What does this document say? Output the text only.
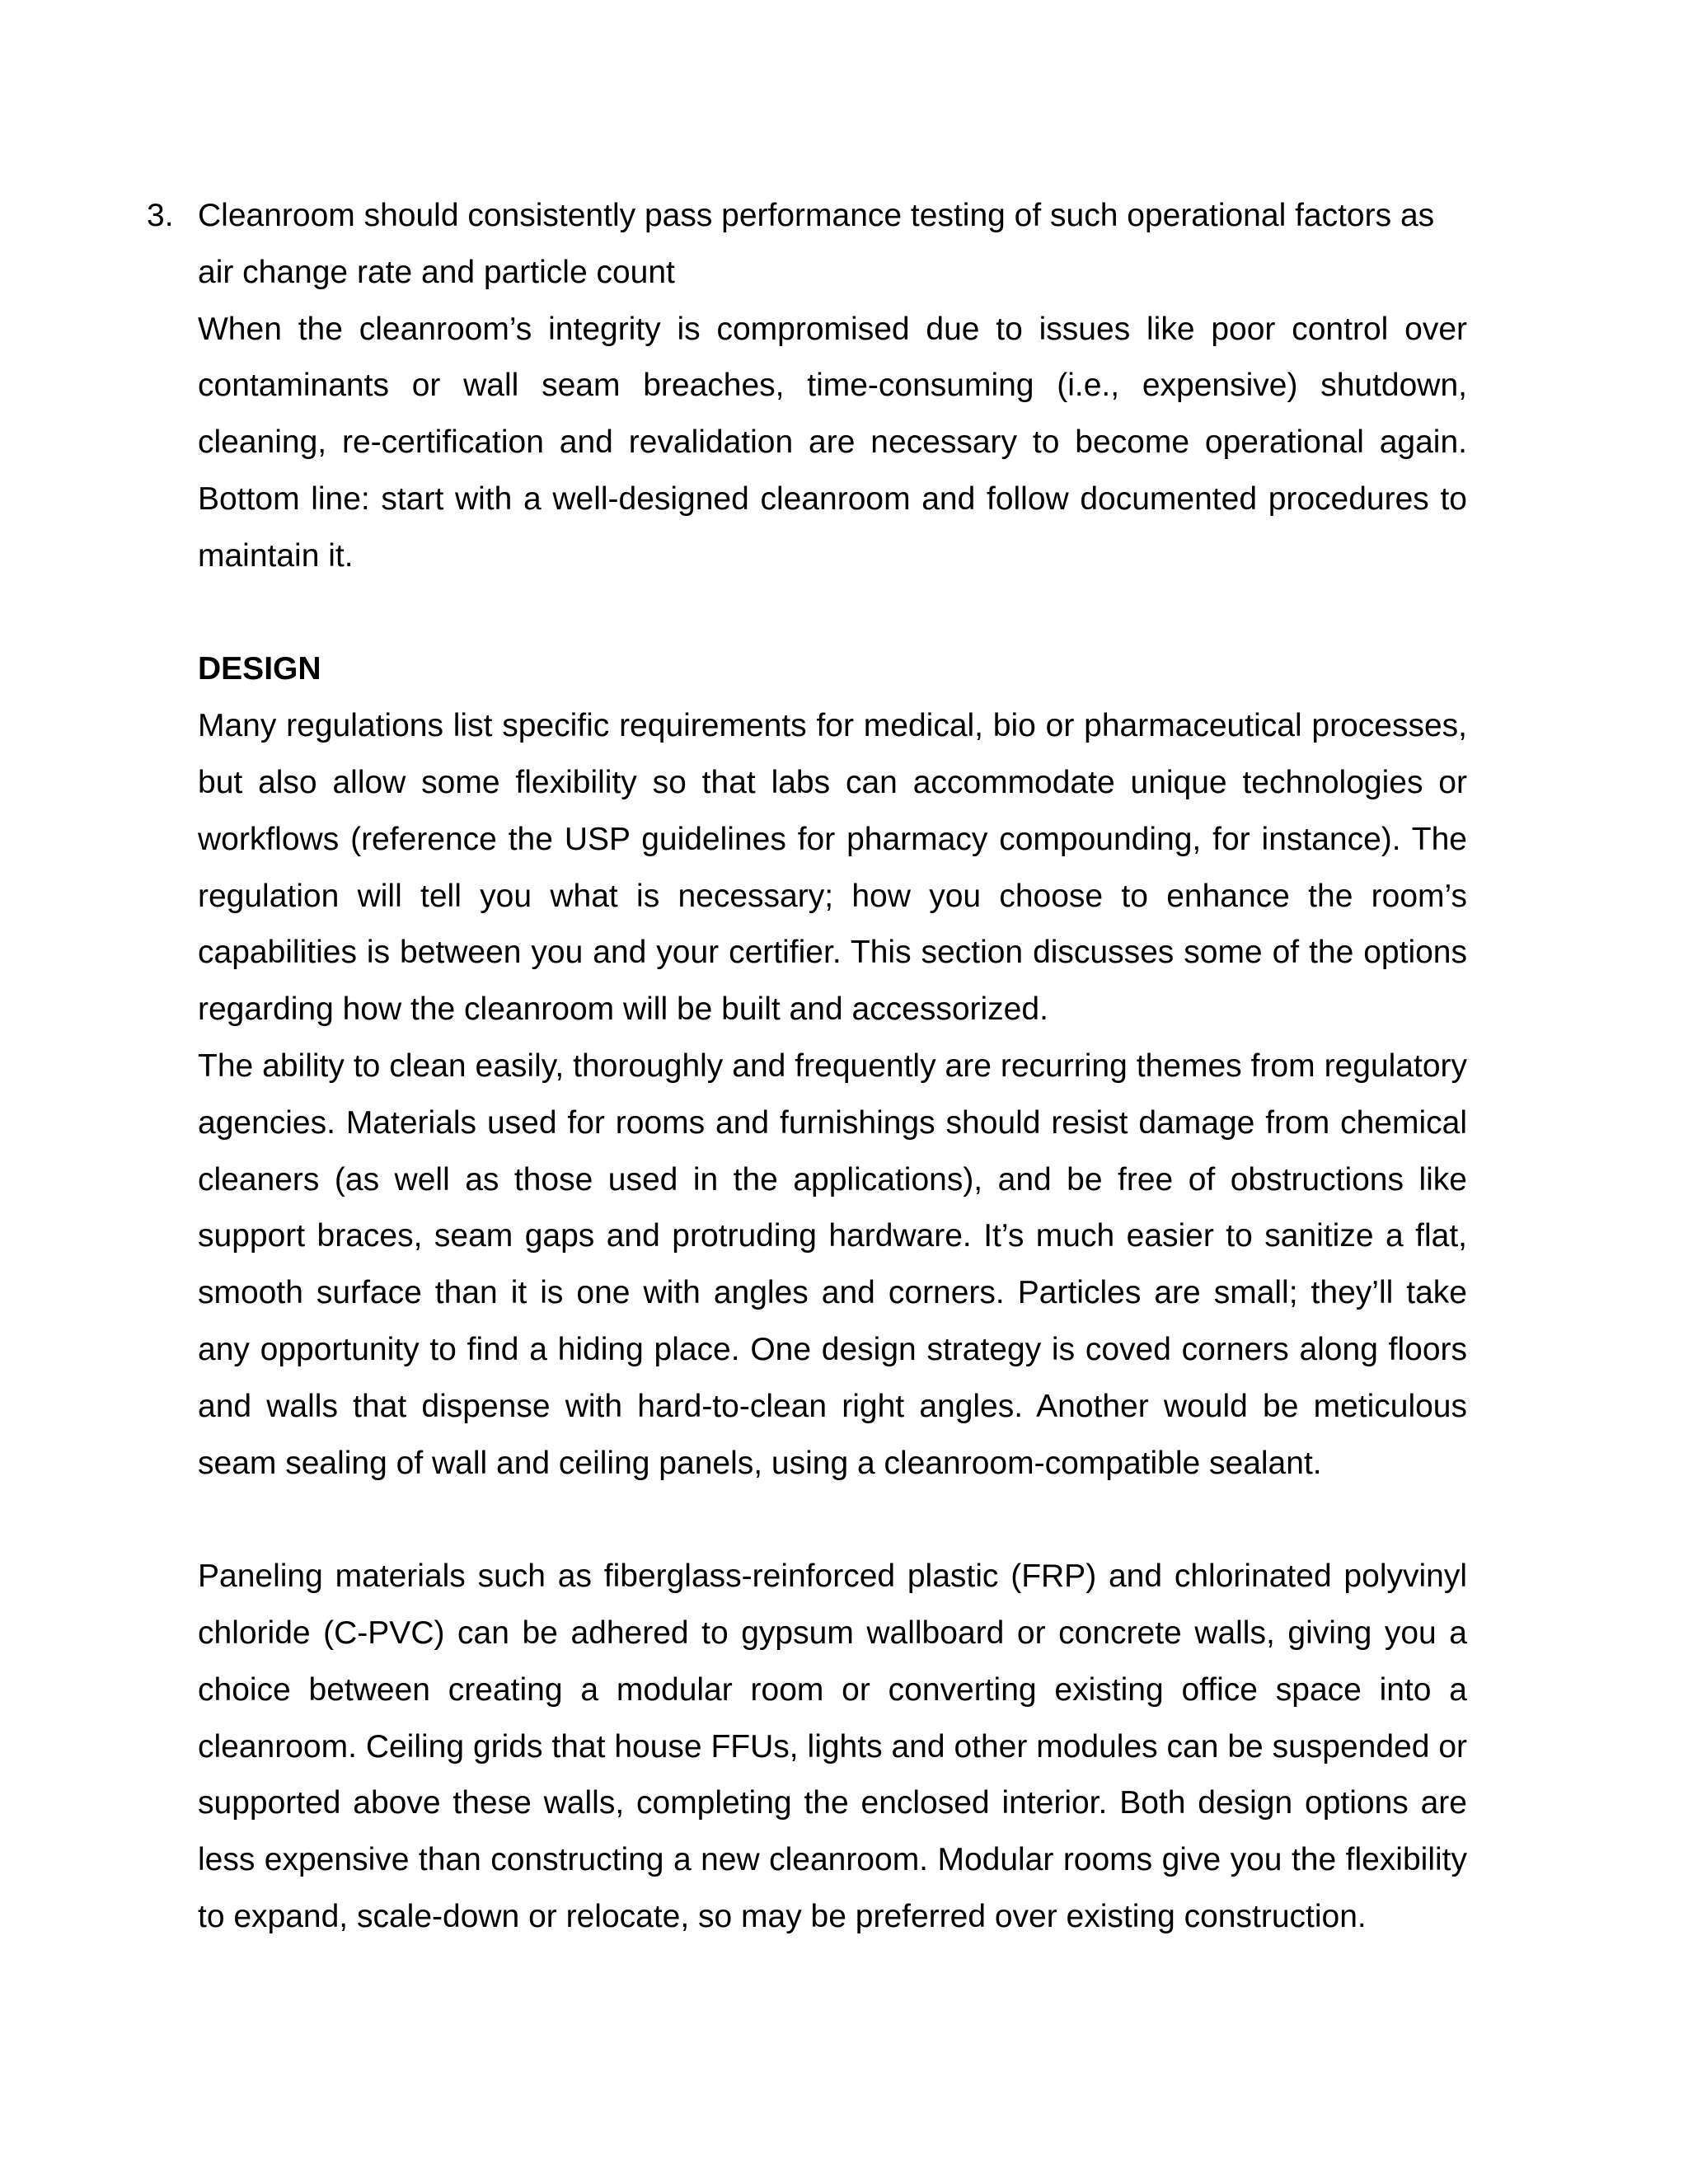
3. Cleanroom should consistently pass performance testing of such operational factors as air change rate and particle count

When the cleanroom’s integrity is compromised due to issues like poor control over contaminants or wall seam breaches, time-consuming (i.e., expensive) shutdown, cleaning, re-certification and revalidation are necessary to become operational again. Bottom line: start with a well-designed cleanroom and follow documented procedures to maintain it.

DESIGN

Many regulations list specific requirements for medical, bio or pharmaceutical processes, but also allow some flexibility so that labs can accommodate unique technologies or workflows (reference the USP guidelines for pharmacy compounding, for instance). The regulation will tell you what is necessary; how you choose to enhance the room’s capabilities is between you and your certifier. This section discusses some of the options regarding how the cleanroom will be built and accessorized.

The ability to clean easily, thoroughly and frequently are recurring themes from regulatory agencies. Materials used for rooms and furnishings should resist damage from chemical cleaners (as well as those used in the applications), and be free of obstructions like support braces, seam gaps and protruding hardware. It’s much easier to sanitize a flat, smooth surface than it is one with angles and corners. Particles are small; they’ll take any opportunity to find a hiding place. One design strategy is coved corners along floors and walls that dispense with hard-to-clean right angles. Another would be meticulous seam sealing of wall and ceiling panels, using a cleanroom-compatible sealant.

Paneling materials such as fiberglass-reinforced plastic (FRP) and chlorinated polyvinyl chloride (C-PVC) can be adhered to gypsum wallboard or concrete walls, giving you a choice between creating a modular room or converting existing office space into a cleanroom. Ceiling grids that house FFUs, lights and other modules can be suspended or supported above these walls, completing the enclosed interior. Both design options are less expensive than constructing a new cleanroom. Modular rooms give you the flexibility to expand, scale-down or relocate, so may be preferred over existing construction.
